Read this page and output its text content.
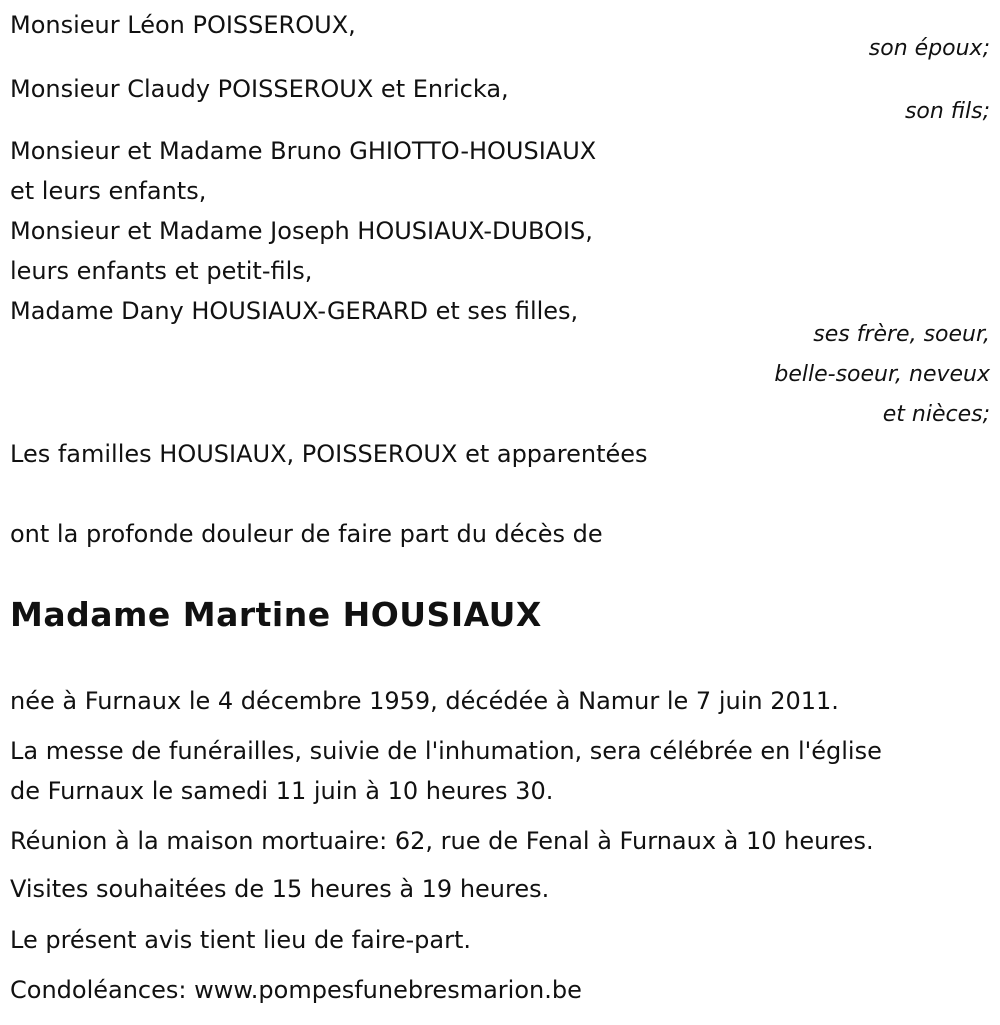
Monsieur Léon POISSEROUX,
son époux;
Monsieur Claudy POISSEROUX et Enricka,
son fils;
Monsieur et Madame Bruno GHIOTTO-HOUSIAUX
et leurs enfants,
Monsieur et Madame Joseph HOUSIAUX-DUBOIS,
leurs enfants et petit-fils,
Madame Dany HOUSIAUX-GERARD et ses filles,
ses frère, soeur,
belle-soeur, neveux
et nièces;
Les familles HOUSIAUX, POISSEROUX et apparentées
ont la profonde douleur de faire part du décès de
Madame Martine HOUSIAUX
née à Furnaux le 4 décembre 1959, décédée à Namur le 7 juin 2011.
La messe de funérailles, suivie de l'inhumation, sera célébrée en l'église
de Furnaux le samedi 11 juin à 10 heures 30.
Réunion à la maison mortuaire: 62, rue de Fenal à Furnaux à 10 heures.
Visites souhaitées de 15 heures à 19 heures.
Le présent avis tient lieu de faire-part.
Condoléances: www.pompesfunebresmarion.be
